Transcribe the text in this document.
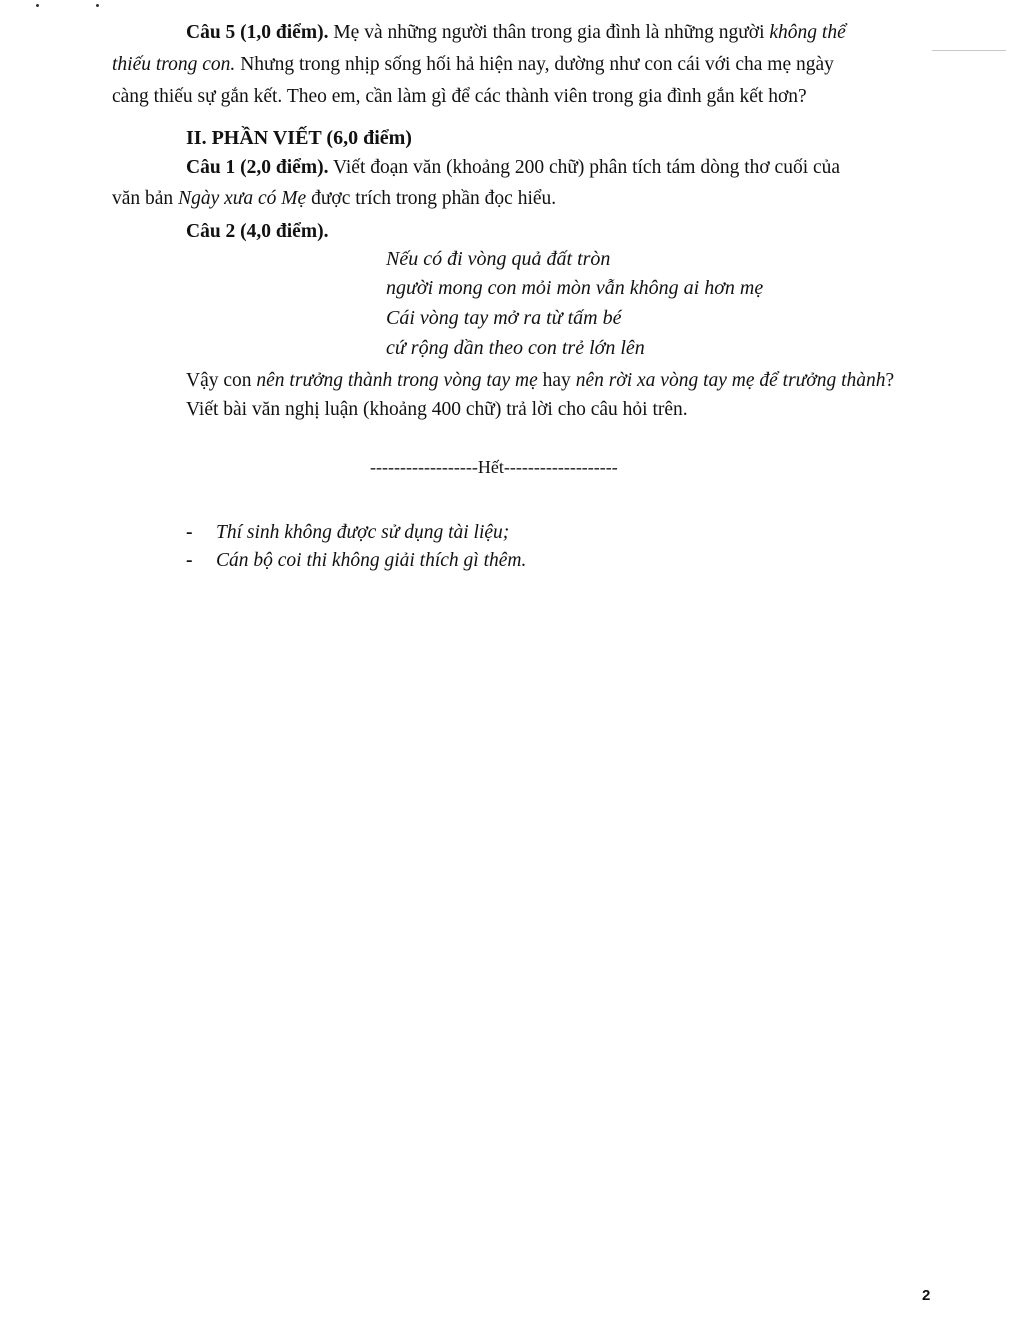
Câu 5 (1,0 điểm). Mẹ và những người thân trong gia đình là những người không thể
thiếu trong con. Nhưng trong nhịp sống hối hả hiện nay, dường như con cái với cha mẹ ngày
càng thiếu sự gắn kết. Theo em, cần làm gì để các thành viên trong gia đình gắn kết hơn?
II. PHẦN VIẾT (6,0 điểm)
Câu 1 (2,0 điểm). Viết đoạn văn (khoảng 200 chữ) phân tích tám dòng thơ cuối của
văn bản Ngày xưa có Mẹ được trích trong phần đọc hiểu.
Câu 2 (4,0 điểm).
Nếu có đi vòng quả đất tròn
người mong con mỏi mòn vẫn không ai hơn mẹ
Cái vòng tay mở ra từ tấm bé
cứ rộng dần theo con trẻ lớn lên
Vậy con nên trưởng thành trong vòng tay mẹ hay nên rời xa vòng tay mẹ để trưởng thành?
Viết bài văn nghị luận (khoảng 400 chữ) trả lời cho câu hỏi trên.
------------------Hết-------------------
- Thí sinh không được sử dụng tài liệu;
- Cán bộ coi thi không giải thích gì thêm.
2
